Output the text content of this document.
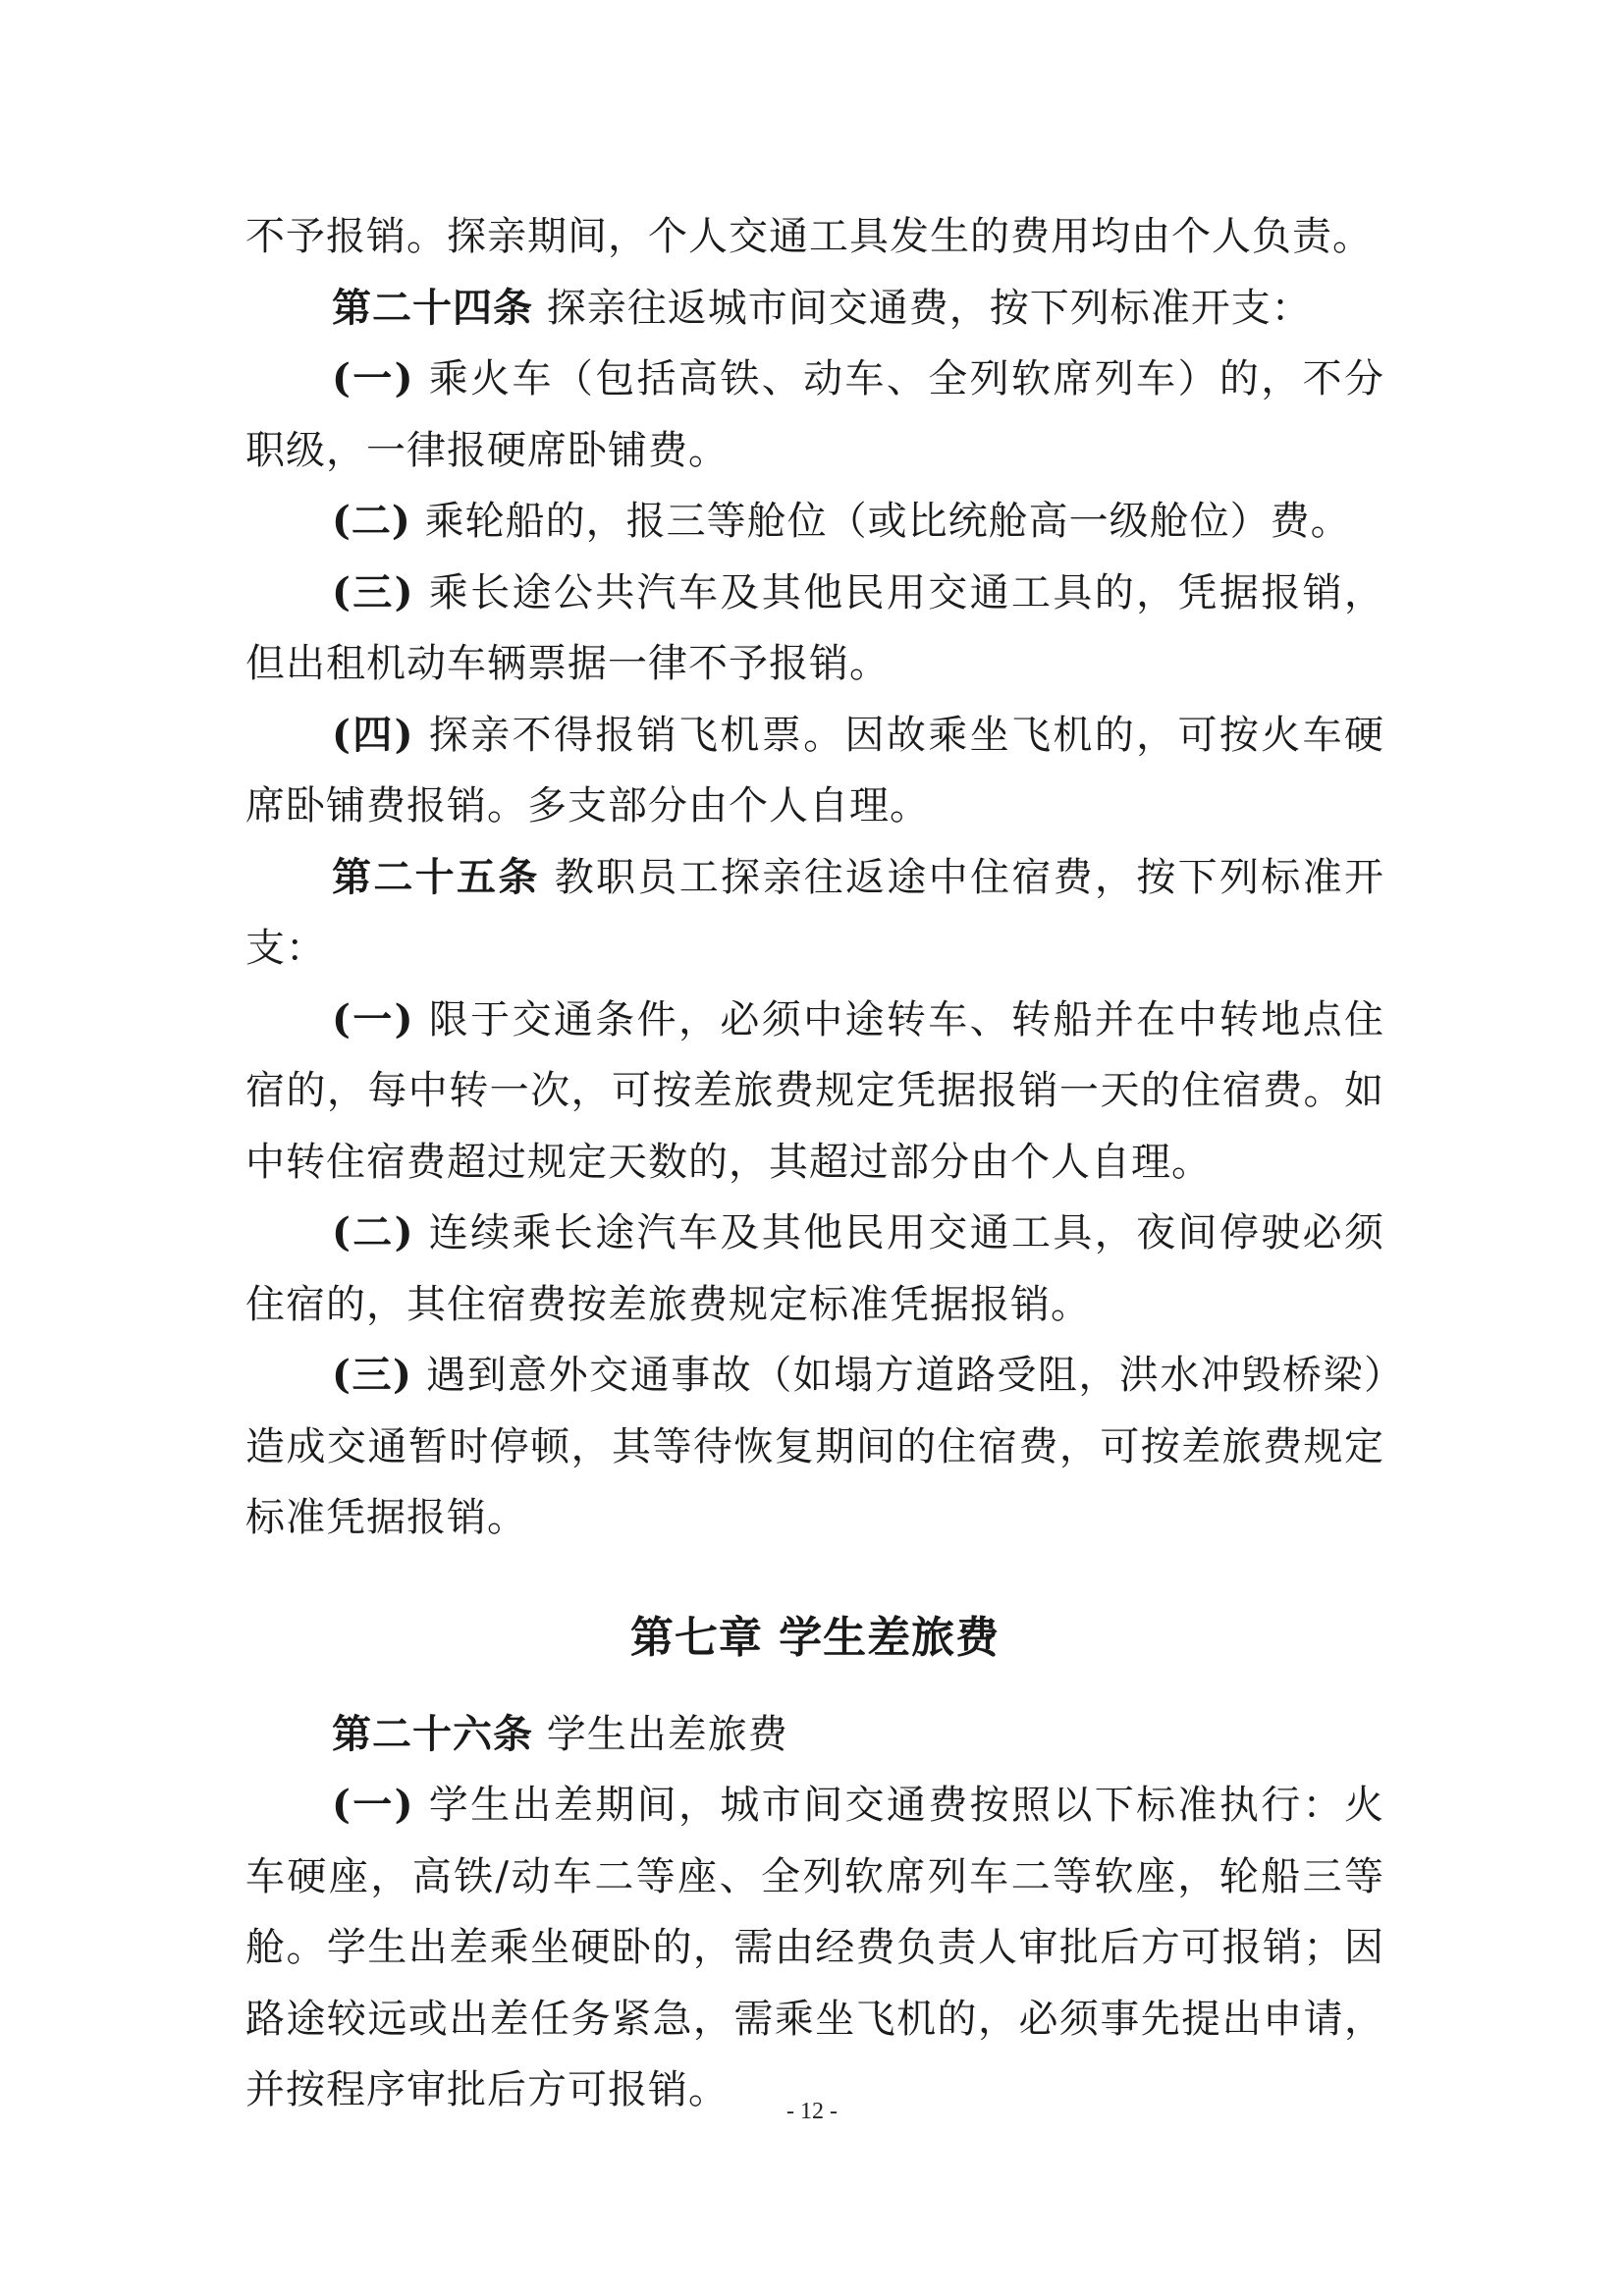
不予报销。探亲期间，个人交通工具发生的费用均由个人负责。

第二十四条 探亲往返城市间交通费，按下列标准开支：

(一) 乘火车（包括高铁、动车、全列软席列车）的，不分职级，一律报硬席卧铺费。

(二) 乘轮船的，报三等舱位（或比统舱高一级舱位）费。

(三) 乘长途公共汽车及其他民用交通工具的，凭据报销，但出租机动车辆票据一律不予报销。

(四) 探亲不得报销飞机票。因故乘坐飞机的，可按火车硬席卧铺费报销。多支部分由个人自理。

第二十五条 教职员工探亲往返途中住宿费，按下列标准开支：

(一) 限于交通条件，必须中途转车、转船并在中转地点住宿的，每中转一次，可按差旅费规定凭据报销一天的住宿费。如中转住宿费超过规定天数的，其超过部分由个人自理。

(二) 连续乘长途汽车及其他民用交通工具，夜间停驶必须住宿的，其住宿费按差旅费规定标准凭据报销。

(三) 遇到意外交通事故（如塌方道路受阻，洪水冲毁桥梁）造成交通暂时停顿，其等待恢复期间的住宿费，可按差旅费规定标准凭据报销。

第七章 学生差旅费

第二十六条 学生出差旅费

(一) 学生出差期间，城市间交通费按照以下标准执行：火车硬座，高铁/动车二等座、全列软席列车二等软座，轮船三等舱。学生出差乘坐硬卧的，需由经费负责人审批后方可报销；因路途较远或出差任务紧急，需乘坐飞机的，必须事先提出申请，并按程序审批后方可报销。	- 12 -
